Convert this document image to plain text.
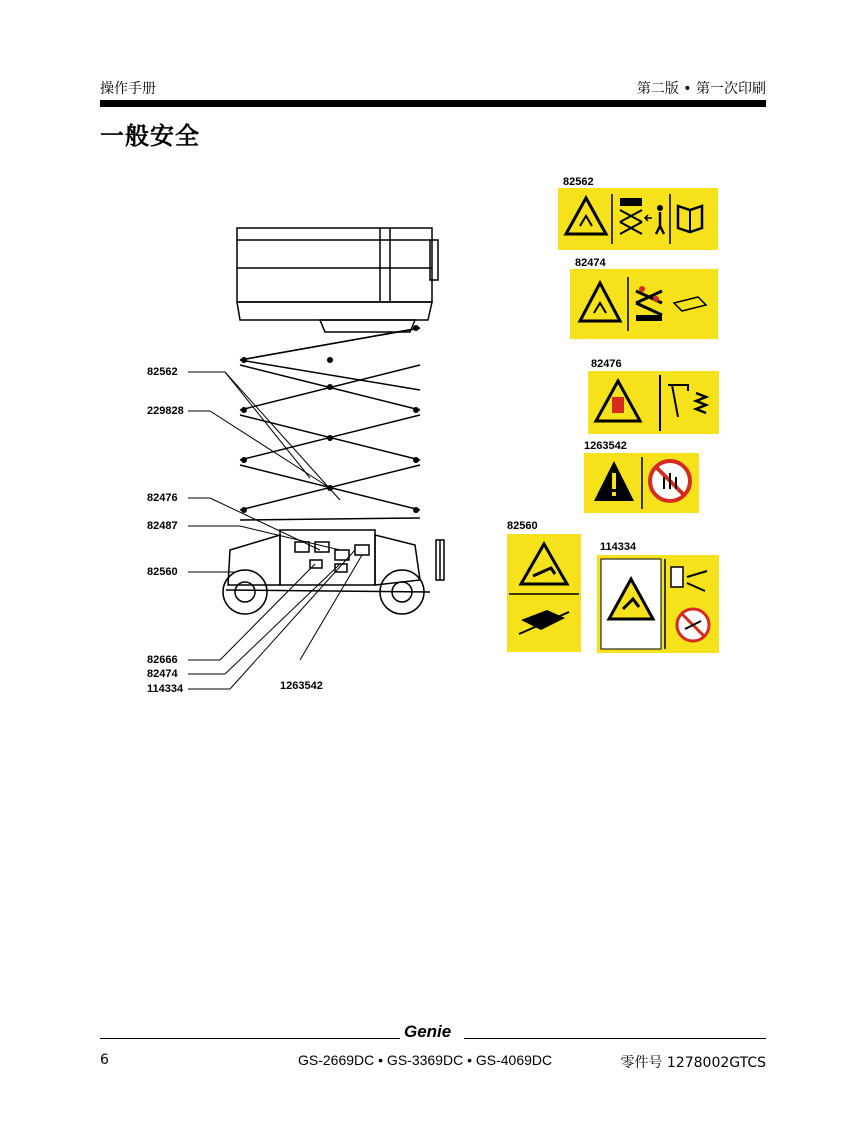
操作手册	第二版 • 第一次印刷
一般安全
82562
229828
82476
82487
82560
82666
82474
114334	1263542
82562
82474
82476
1263542
82560
114334
Genie
6	GS-2669DC • GS-3369DC • GS-4069DC	零件号 1278002GTCS
